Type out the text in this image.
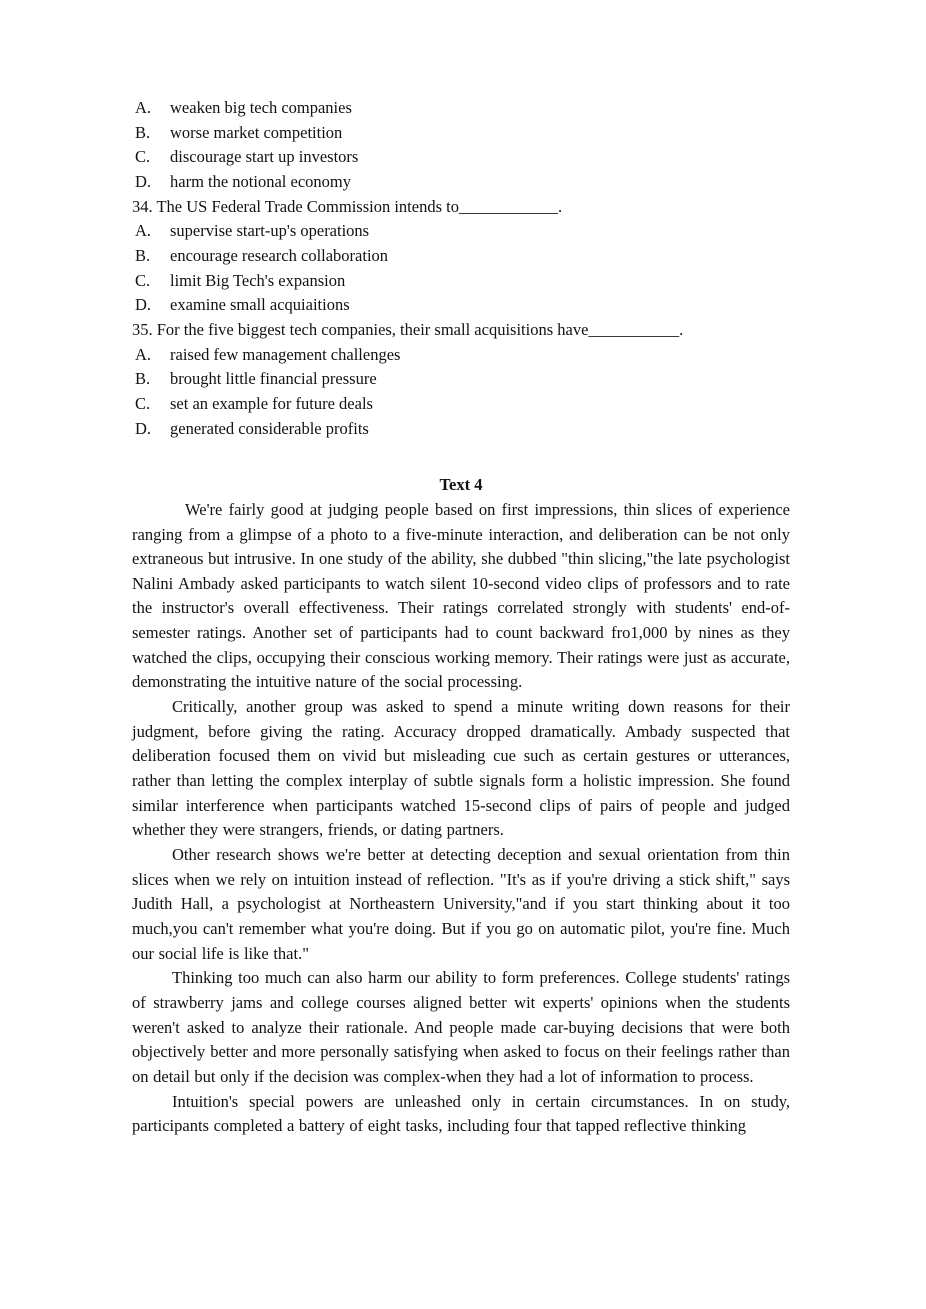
A. weaken big tech companies
B. worse market competition
C. discourage start up investors
D. harm the notional economy
34. The US Federal Trade Commission intends to____________.
A. supervise start-up's operations
B. encourage research collaboration
C. limit Big Tech's expansion
D. examine small acquiaitions
35. For the five biggest tech companies, their small acquisitions have___________.
A. raised few management challenges
B. brought little financial pressure
C. set an example for future deals
D. generated considerable profits
Text 4

We're fairly good at judging people based on first impressions, thin slices of experience ranging from a glimpse of a photo to a five-minute interaction, and deliberation can be not only extraneous but intrusive. In one study of the ability, she dubbed "thin slicing,"the late psychologist Nalini Ambady asked participants to watch silent 10-second video clips of professors and to rate the instructor's overall effectiveness. Their ratings correlated strongly with students' end-of-semester ratings. Another set of participants had to count backward fro1,000 by nines as they watched the clips, occupying their conscious working memory. Their ratings were just as accurate, demonstrating the intuitive nature of the social processing.

Critically, another group was asked to spend a minute writing down reasons for their judgment, before giving the rating. Accuracy dropped dramatically. Ambady suspected that deliberation focused them on vivid but misleading cue such as certain gestures or utterances, rather than letting the complex interplay of subtle signals form a holistic impression. She found similar interference when participants watched 15-second clips of pairs of people and judged whether they were strangers, friends, or dating partners.

Other research shows we're better at detecting deception and sexual orientation from thin slices when we rely on intuition instead of reflection. "It's as if you're driving a stick shift," says Judith Hall, a psychologist at Northeastern University,"and if you start thinking about it too much,you can't remember what you're doing. But if you go on automatic pilot, you're fine. Much our social life is like that."

Thinking too much can also harm our ability to form preferences. College students' ratings of strawberry jams and college courses aligned better wit experts' opinions when the students weren't asked to analyze their rationale. And people made car-buying decisions that were both objectively better and more personally satisfying when asked to focus on their feelings rather than on detail but only if the decision was complex-when they had a lot of information to process.

Intuition's special powers are unleashed only in certain circumstances. In on study, participants completed a battery of eight tasks, including four that tapped reflective thinking
